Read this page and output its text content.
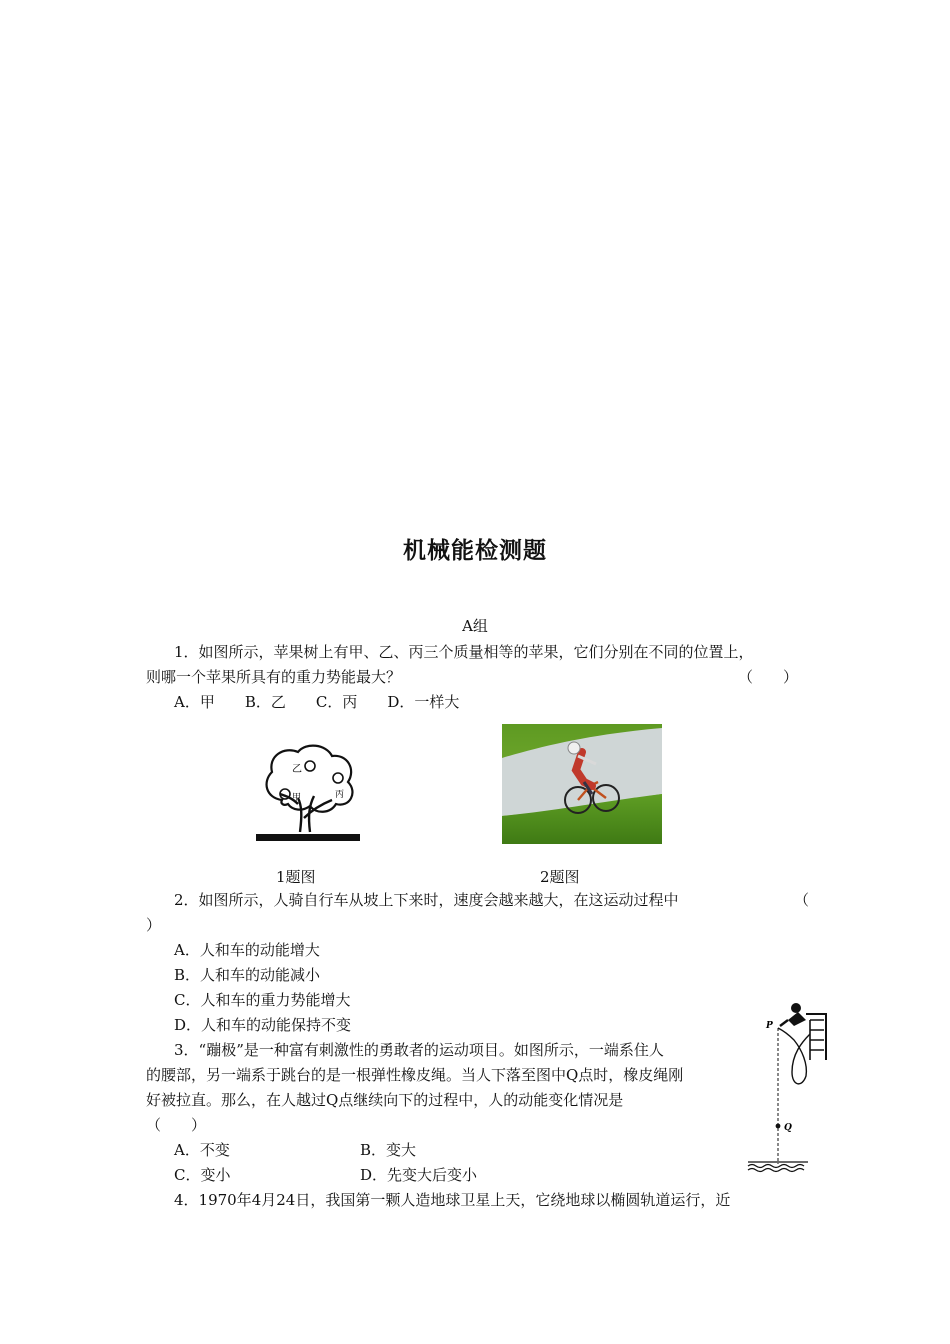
机械能检测题
A组
1．如图所示，苹果树上有甲、乙、丙三个质量相等的苹果，它们分别在不同的位置上，
则哪一个苹果所具有的重力势能最大？	（　　）
A．甲　　B．乙　　C．丙　　D．一样大
乙
甲	丙
1题图	2题图
2．如图所示，人骑自行车从坡上下来时，速度会越来越大，在这运动过程中	（
）
A．人和车的动能增大
B．人和车的动能减小
C．人和车的重力势能增大
D．人和车的动能保持不变	P
Q
3．“蹦极”是一种富有刺激性的勇敢者的运动项目。如图所示，一端系住人
的腰部，另一端系于跳台的是一根弹性橡皮绳。当人下落至图中Q点时，橡皮绳刚
好被拉直。那么，在人越过Q点继续向下的过程中，人的动能变化情况是
（　　）
A．不变	B．变大
C．变小	D．先变大后变小
4．1970年4月24日，我国第一颗人造地球卫星上天，它绕地球以椭圆轨道运行，近
